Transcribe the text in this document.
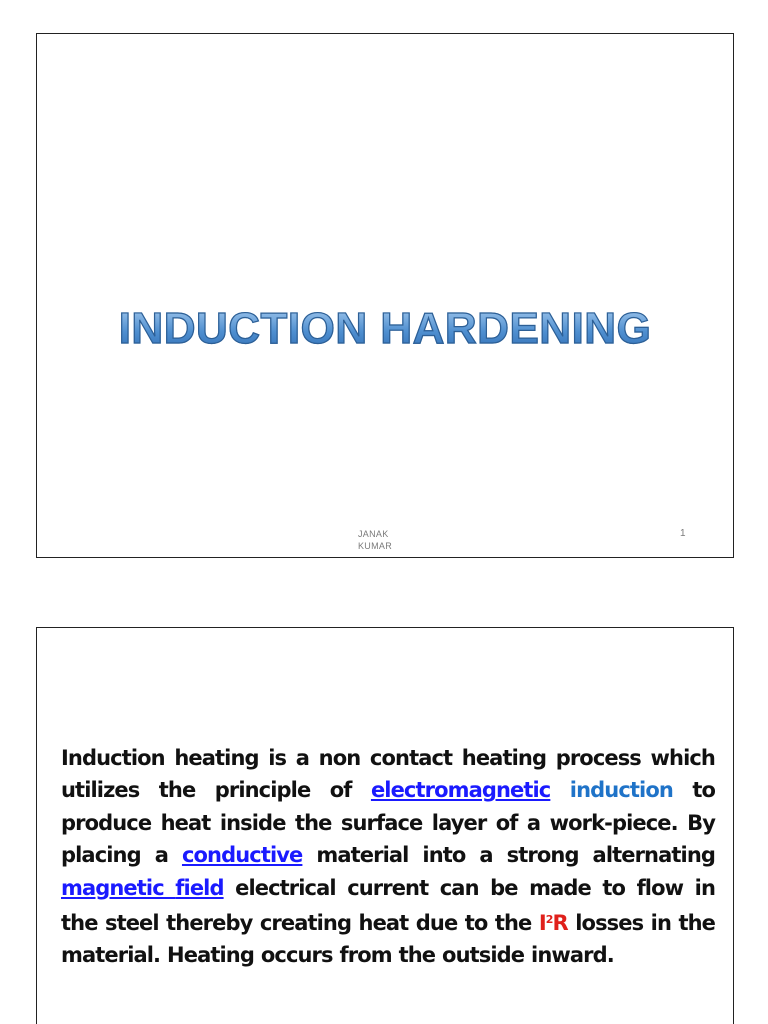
INDUCTION HARDENING
JANAK
KUMAR
1
Induction heating is a non contact heating process which utilizes the principle of electromagnetic induction to produce heat inside the surface layer of a work-piece. By placing a conductive material into a strong alternating magnetic field electrical current can be made to flow in the steel thereby creating heat due to the $I^2R$ losses in the material. Heating occurs from the outside inward.
